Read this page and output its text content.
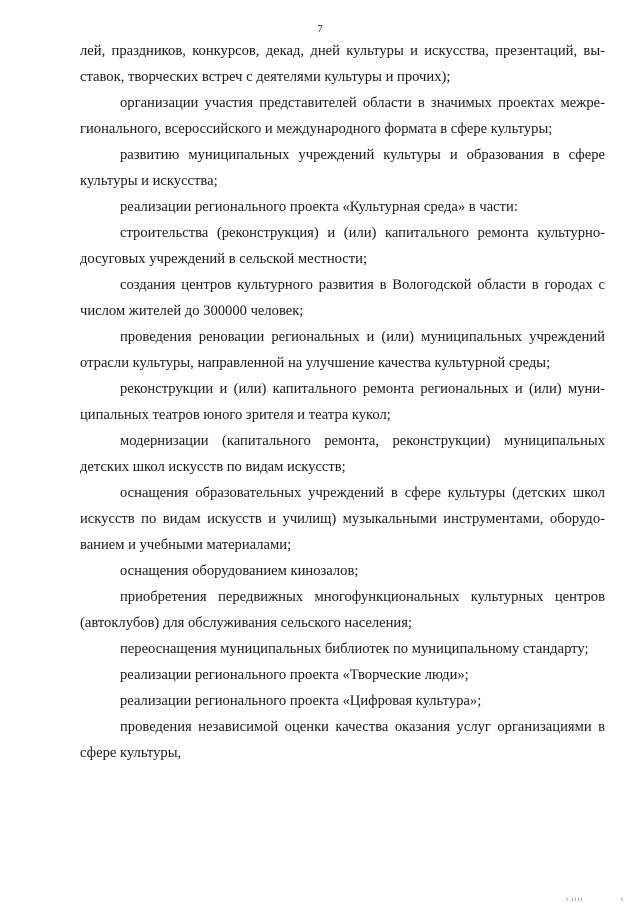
7
лей, праздников, конкурсов, декад, дней культуры и искусства, презентаций, вы-
ставок, творческих встреч с деятелями культуры и прочих);
организации участия представителей области в значимых проектах межре-
гионального, всероссийского и международного формата в сфере культуры;
развитию муниципальных учреждений культуры и образования в сфере
культуры и искусства;
реализации регионального проекта «Культурная среда» в части:
строительства (реконструкция) и (или) капитального ремонта культурно-
досуговых учреждений в сельской местности;
создания центров культурного развития в Вологодской области в городах с
числом жителей до 300000 человек;
проведения реновации региональных и (или) муниципальных учреждений
отрасли культуры, направленной на улучшение качества культурной среды;
реконструкции и (или) капитального ремонта региональных и (или) муни-
ципальных театров юного зрителя и театра кукол;
модернизации (капитального ремонта, реконструкции) муниципальных
детских школ искусств по видам искусств;
оснащения образовательных учреждений в сфере культуры (детских школ
искусств по видам искусств и училищ) музыкальными инструментами, оборудо-
ванием и учебными материалами;
оснащения оборудованием кинозалов;
приобретения передвижных многофункциональных культурных центров
(автоклубов) для обслуживания сельского населения;
переоснащения муниципальных библиотек по муниципальному стандарту;
реализации регионального проекта «Творческие люди»;
реализации регионального проекта «Цифровая культура»;
проведения независимой оценки качества оказания услуг организациями в
сфере культуры,
ı ıııı	ı
